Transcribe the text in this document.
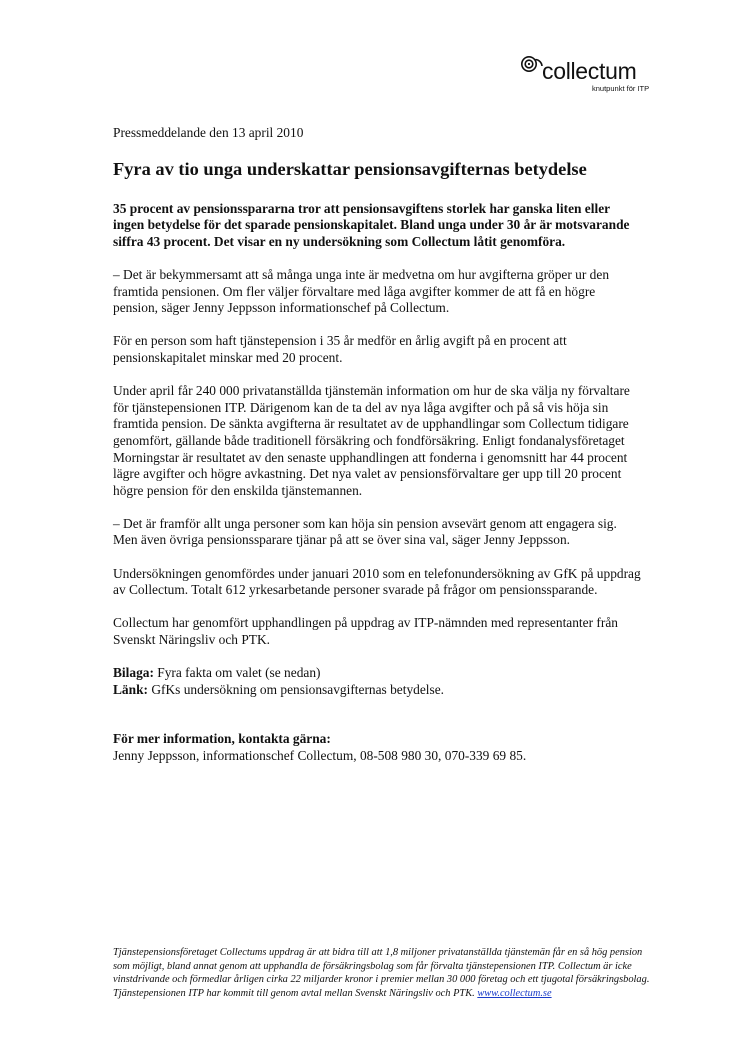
collectum
knutpunkt för ITP

Pressmeddelande den 13 april 2010

Fyra av tio unga underskattar pensionsavgifternas betydelse

35 procent av pensionsspararna tror att pensionsavgiftens storlek har ganska liten eller ingen betydelse för det sparade pensionskapitalet. Bland unga under 30 år är motsvarande siffra 43 procent. Det visar en ny undersökning som Collectum låtit genomföra.

– Det är bekymmersamt att så många unga inte är medvetna om hur avgifterna gröper ur den framtida pensionen. Om fler väljer förvaltare med låga avgifter kommer de att få en högre pension, säger Jenny Jeppsson informationschef på Collectum.

För en person som haft tjänstepension i 35 år medför en årlig avgift på en procent att pensionskapitalet minskar med 20 procent.

Under april får 240 000 privatanställda tjänstemän information om hur de ska välja ny förvaltare för tjänstepensionen ITP. Därigenom kan de ta del av nya låga avgifter och på så vis höja sin framtida pension. De sänkta avgifterna är resultatet av de upphandlingar som Collectum tidigare genomfört, gällande både traditionell försäkring och fondförsäkring. Enligt fondanalysföretaget Morningstar är resultatet av den senaste upphandlingen att fonderna i genomsnitt har 44 procent lägre avgifter och högre avkastning. Det nya valet av pensionsförvaltare ger upp till 20 procent högre pension för den enskilda tjänstemannen.

– Det är framför allt unga personer som kan höja sin pension avsevärt genom att engagera sig. Men även övriga pensionssparare tjänar på att se över sina val, säger Jenny Jeppsson.

Undersökningen genomfördes under januari 2010 som en telefonundersökning av GfK på uppdrag av Collectum. Totalt 612 yrkesarbetande personer svarade på frågor om pensionssparande.

Collectum har genomfört upphandlingen på uppdrag av ITP-nämnden med representanter från Svenskt Näringsliv och PTK.

Bilaga: Fyra fakta om valet (se nedan)

Länk: GfKs undersökning om pensionsavgifternas betydelse.

För mer information, kontakta gärna:

Jenny Jeppsson, informationschef Collectum, 08-508 980 30, 070-339 69 85.

Tjänstepensionsföretaget Collectums uppdrag är att bidra till att 1,8 miljoner privatanställda tjänstemän får en så hög pension som möjligt, bland annat genom att upphandla de försäkringsbolag som får förvalta tjänstepensionen ITP. Collectum är icke vinstdrivande och förmedlar årligen cirka 22 miljarder kronor i premier mellan 30 000 företag och ett tjugotal försäkringsbolag. Tjänstepensionen ITP har kommit till genom avtal mellan Svenskt Näringsliv och PTK. www.collectum.se
